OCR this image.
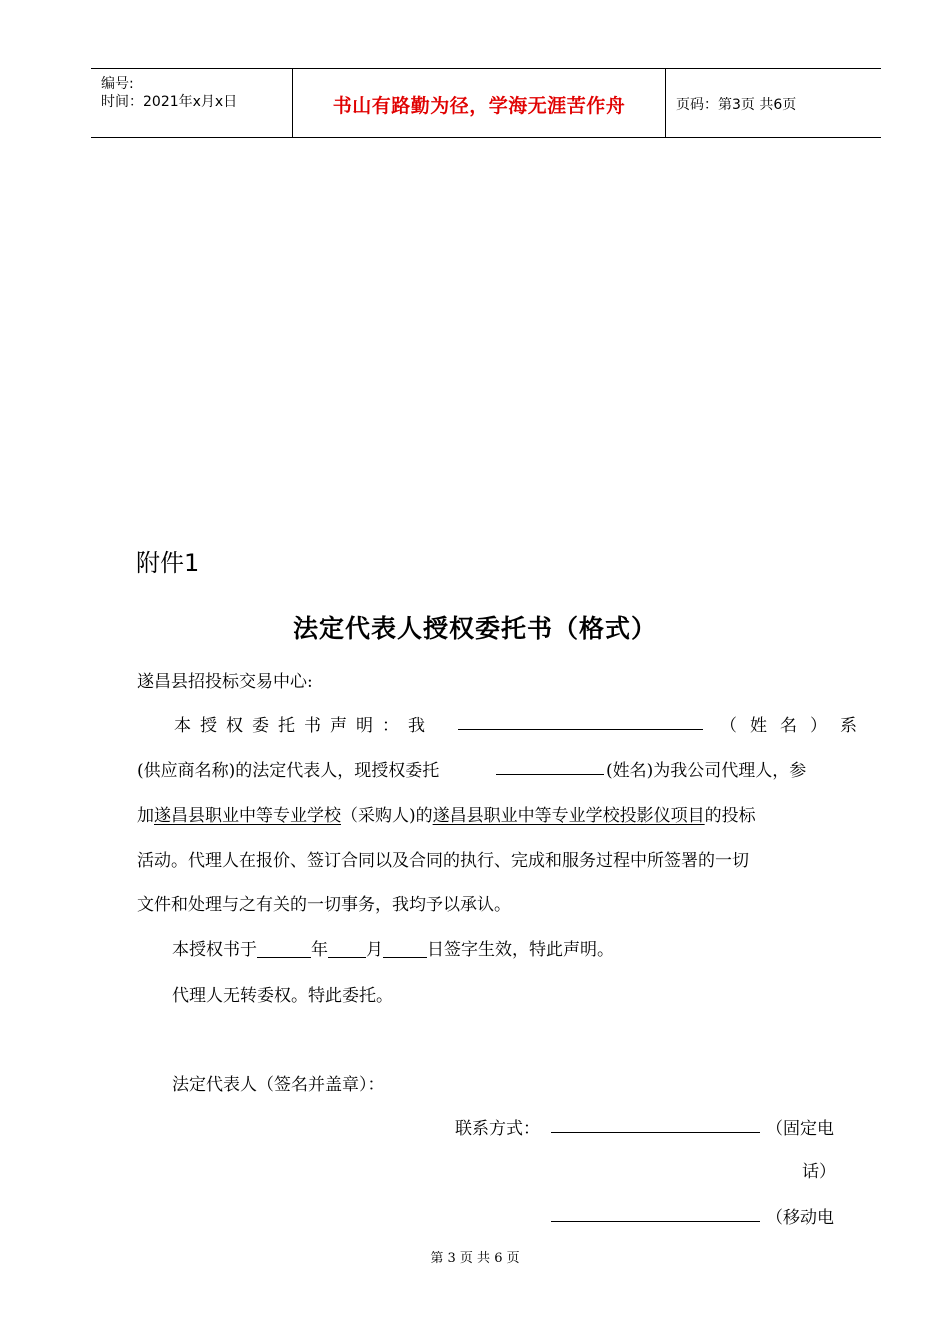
编号:
时间：2021年x月x日	书山有路勤为径，学海无涯苦作舟	页码：第3页 共6页
附件1
法定代表人授权委托书（格式）
遂昌县招投标交易中心:
本授权委托书声明：我	（姓名）系
(供应商名称)的法定代表人，现授权委托	(姓名)为我公司代理人，参
加遂昌县职业中等专业学校（采购人)的遂昌县职业中等专业学校投影仪项目的投标
活动。代理人在报价、签订合同以及合同的执行、完成和服务过程中所签署的一切
文件和处理与之有关的一切事务，我均予以承认。
本授权书于	年 月	日签字生效，特此声明。
代理人无转委权。特此委托。
法定代表人（签名并盖章）：
联系方式：	（固定电
话）
（移动电
第 3 页 共 6 页
